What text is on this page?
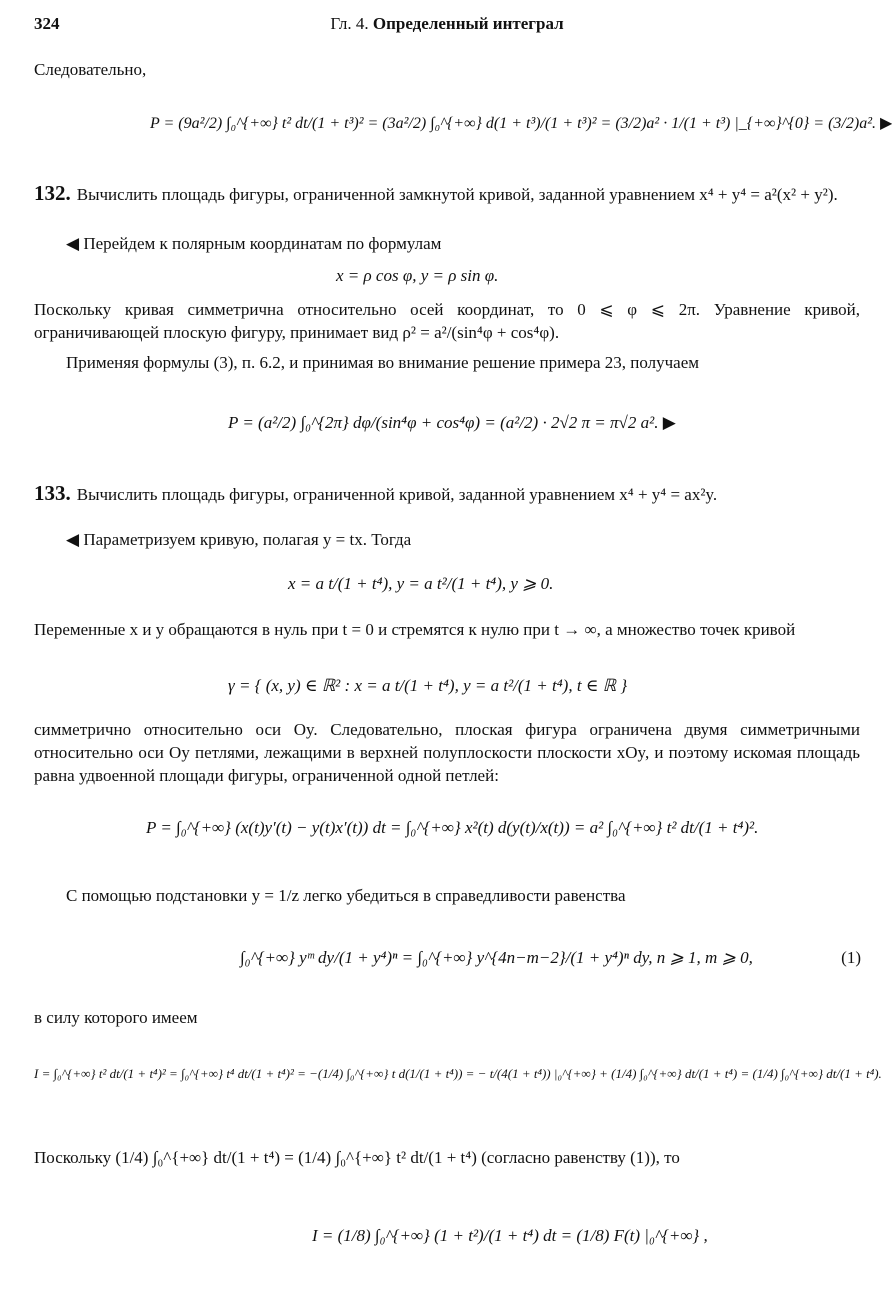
324	Гл. 4. Определенный интеграл
Следовательно,
P = (9a²/2) ∫₀^{+∞} t² dt/(1 + t³)² = (3a²/2) ∫₀^{+∞} d(1 + t³)/(1 + t³)² = (3/2)a² · 1/(1 + t³) |_{+∞}^{0} = (3/2)a². ▶
132. Вычислить площадь фигуры, ограниченной замкнутой кривой, заданной уравнением x⁴ + y⁴ = a²(x² + y²).
◀ Перейдем к полярным координатам по формулам
x = ρ cos φ, y = ρ sin φ.
Поскольку кривая симметрична относительно осей координат, то 0 ⩽ φ ⩽ 2π. Уравнение кривой, ограничивающей плоскую фигуру, принимает вид ρ² = a²/(sin⁴φ + cos⁴φ).
Применяя формулы (3), п. 6.2, и принимая во внимание решение примера 23, получаем
P = (a²/2) ∫₀^{2π} dφ/(sin⁴φ + cos⁴φ) = (a²/2) · 2√2 π = π√2 a². ▶
133. Вычислить площадь фигуры, ограниченной кривой, заданной уравнением x⁴ + y⁴ = ax²y.
◀ Параметризуем кривую, полагая y = tx. Тогда
x = a t/(1 + t⁴), y = a t²/(1 + t⁴), y ⩾ 0.
Переменные x и y обращаются в нуль при t = 0 и стремятся к нулю при t → ∞, а множество точек кривой
γ = { (x, y) ∈ ℝ² : x = a t/(1 + t⁴), y = a t²/(1 + t⁴), t ∈ ℝ }
симметрично относительно оси Oy. Следовательно, плоская фигура ограничена двумя симметричными относительно оси Oy петлями, лежащими в верхней полуплоскости плоскости xOy, и поэтому искомая площадь равна удвоенной площади фигуры, ограниченной одной петлей:
P = ∫₀^{+∞} (x(t)y′(t) − y(t)x′(t)) dt = ∫₀^{+∞} x²(t) d(y(t)/x(t)) = a² ∫₀^{+∞} t² dt/(1 + t⁴)².
С помощью подстановки y = 1/z легко убедиться в справедливости равенства
∫₀^{+∞} yᵐ dy/(1 + y⁴)ⁿ = ∫₀^{+∞} y^{4n−m−2}/(1 + y⁴)ⁿ dy, n ⩾ 1, m ⩾ 0,	(1)
в силу которого имеем
I = ∫₀^{+∞} t² dt/(1 + t⁴)² = ∫₀^{+∞} t⁴ dt/(1 + t⁴)² = −(1/4) ∫₀^{+∞} t d(1/(1 + t⁴)) = − t/(4(1 + t⁴)) |₀^{+∞} + (1/4) ∫₀^{+∞} dt/(1 + t⁴) = (1/4) ∫₀^{+∞} dt/(1 + t⁴).
Поскольку (1/4) ∫₀^{+∞} dt/(1 + t⁴) = (1/4) ∫₀^{+∞} t² dt/(1 + t⁴) (согласно равенству (1)), то
I = (1/8) ∫₀^{+∞} (1 + t²)/(1 + t⁴) dt = (1/8) F(t) |₀^{+∞} ,
